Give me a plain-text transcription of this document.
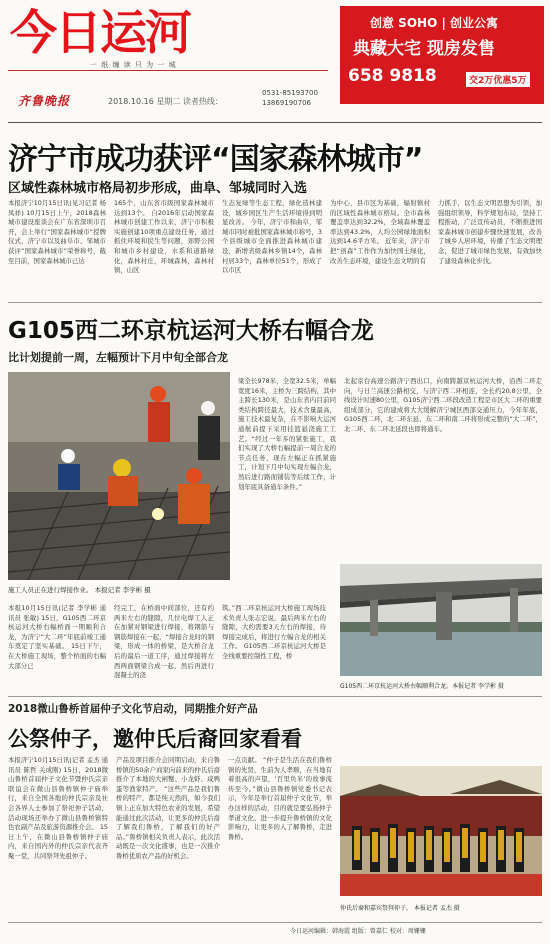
今日运河
一 纸 缠 读 只 为 一 城
齐鲁晚报	2018.10.16 星期二 读者热线：
0531-85193700
13869190706
创意 SOHO | 创业公寓
典藏大宅 现房发售
658 9818	交2万优惠5万
济宁市成功获评“国家森林城市”
区域性森林城市格局初步形成，曲阜、邹城同时入选
本报济宁10月15日讯(见习记者 杨凤祥) 10月15日上午，2018森林城市建设座谈会在广东省深圳市召开，会上举行“国家森林城市”授牌仪式，济宁市以及曲阜市、邹城市获评“国家森林城市”荣誉称号，截至目前，国家森林城市已达
165个，山东省市级国家森林城市达到13个。 自2016年启动国家森林城市创建工作以来，济宁市积极实施创建10项重点建设任务，通过抓住环境和民生等问题，郊野公园和城市乡村建设，水系和道路绿化，森林村庄，环城森林，森林村镇，山区
生态复绿等生态工程，绿化造林建设，城乡园区生产生活环境得到明显改善。 今年，济宁市和曲阜，邹城市同时被批国家森林城市称号，3个县级城市全面推进森林城市建设，新增省级森林乡镇14个，森林村居33个，森林单位51个，形成了以市区
为中心，县市区为基础，辐射镇村的区域性森林城市格局。全市森林覆盖率达到32.2%，全域森林覆盖率达到43.2%，人均公园绿地面积达到14.6平方米。 近年来，济宁市把“创森”工作作为加快国土绿化，改善生态环境，建设生态文明的有
力抓手，以生态文明思想为引领，加强组织领导，科学规划布局，坚持工程推动，广泛宣传动员，不断推进国家森林城市创建步骤快速发展，改善了城乡人居环境，传播了生态文明理念，促进了城市绿色发展，有效加快了建设森林化步伐。
G105西二环京杭运河大桥右幅合龙
比计划提前一周，左幅预计下月中旬全部合龙
施工人员正在进行焊接作业。 本报记者 李学彬 摄
本报10月15日讯(记者 李学彬 通讯员 张敏) 15日，G105西二环京杭运河大桥右幅桥面一期顺利合龙，为济宁“大二环”年底前竣工通车奠定了坚实基础。 15日下午，在大桥施工现场，整个桥面的右幅大部分已
经完工，在桥面中间部位，还有约两米左右的缝隙，几位电焊工人正在加紧对钢梁进行焊接，将钢筋与钢筋焊接在一起，“焊接合龙时的钢梁，形成一体的桥梁，是大桥合龙后的最后一道工序，通过焊接将左西两面钢梁合成一起，然后再进行混凝土的浇
筑。”西二环京杭运河大桥施工现场技术负责人张志宏说，最后两米左右的缝隙，大约需要3天左右的焊接，待焊接完成后，将进行左幅合龙的相关工作。 G105西二环京杭运河大桥是全线重要控制性工程，桥
梁全长978米，全宽32.5米，单幅宽度16米，主桥为三跨结构，其中主跨长130米，是山东省内目前同类结构跨径最大，技术含量最高，施工技术最复杂，在不影响大运河通航前提下采用挂篮悬浇施工工艺。“经过一年多的紧张施工，我们实现了大桥右幅提前一周合龙的节点任务，现在左幅正在抓紧施工，计划下月中旬实现左幅合龙，然后进行路面铺装等后续工作，计划年底具备通车条件。”
北起京台高速公路济宁西出口，向南跨越京杭运河大桥，沿西二环走向，与日兰高速公路相交，与济宁西二环相连，全长约20.8公里，全线设计时速80公里，G105济宁西二环段改造工程是市区大二环的重要组成部分，它的建成将大大缓解济宁城区西部交通压力，今年年底，G105西二环，北二环东延、东二环和南二环将形成完整的“大二环”，北二环、东二环北延段也即将通车。
G105西二环京杭运河大桥右幅顺利合龙。本报记者 李学彬 摄
2018微山鲁桥首届仲子文化节启动，同期推介好产品
公祭仲子，邀仲氏后裔回家看看
本报济宁10月15日讯(记者 孟杰 通讯员 陈哲 关成刚) 15日，2018微山鲁桥首届仲子文化节暨仲氏宗亲联谊会在微山县鲁桥镇仲子庙举行，来自全国各地的仲氏宗亲及社会各界人士参加了祭祀仲子活动，活动现场还举办了微山县鲁桥镇特色农副产品及旅游资源推介会。 15日上午，在微山县鲁桥镇仲子庙内，来自国内外的仲氏宗亲代表齐聚一堂，共同祭拜先祖仲子。
产品及项目推介会同期启动，来自鲁桥镇的50余户商家向前来的仲氏后裔推介了本地的大闸蟹、小龙虾、咸鸭蛋等渔家特产。 “这些产品是我们鲁桥的特产，都是纯天然的，如今我们镇上正在加大特色农业的发展，希望能通过此次活动，让更多的仲氏后裔了解我们鲁桥，了解我们的好产品。”鲁桥镇相关负责人表示，此次活动既是一次文化盛事，也是一次推介鲁桥优质农产品的好机会。
一点贡献。 “仲子是生活在我们鲁桥镇的先贤，生前为人孝顺，在当地有着很高的声望，‘百里负米’的故事流传至今。”微山县鲁桥镇党委书记表示，今年是举行首届仲子文化节，举办这样的活动，目的就是要弘扬仲子孝道文化，进一步提升鲁桥镇的文化影响力，让更多的人了解鲁桥，走进鲁桥。
仲氏后裔和嘉宾祭拜仲子。 本报记者 孟杰 摄
今日运河编辑：韩海霞 组版：曾嘉仁 校对：周姗姗
